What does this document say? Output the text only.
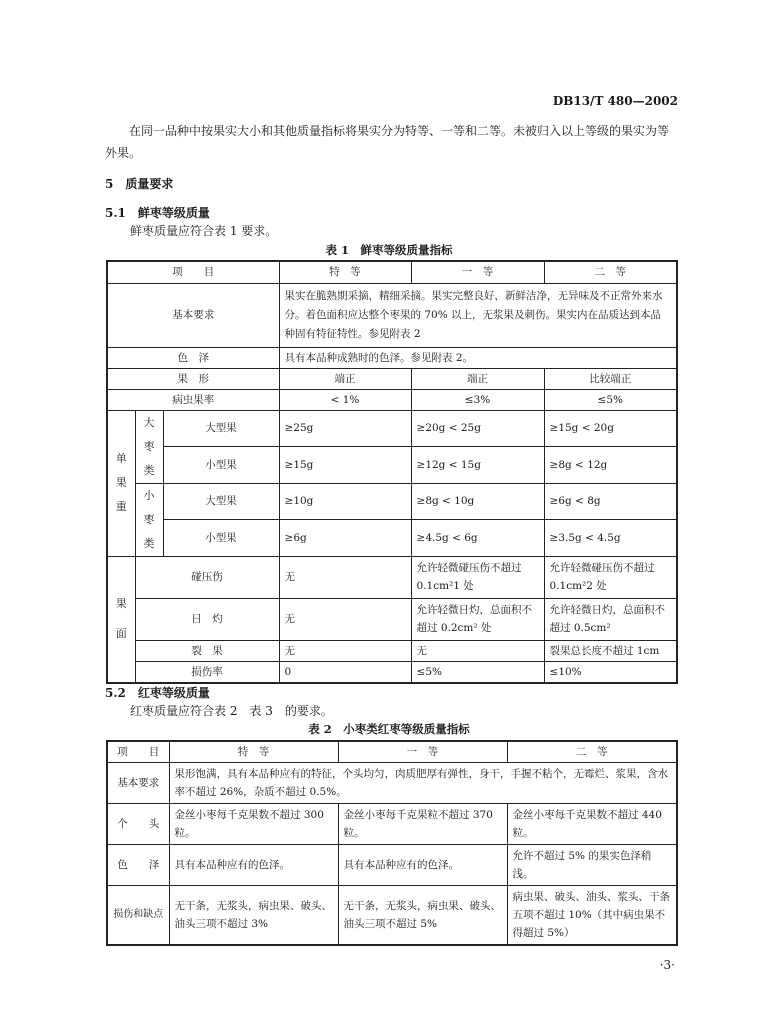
DB13/T 480—2002
在同一品种中按果实大小和其他质量指标将果实分为特等、一等和二等。未被归入以上等级的果实为等外果。
5　质量要求
5.1　鲜枣等级质量
鲜枣质量应符合表 1 要求。
表 1　鲜枣等级质量指标
项　　目			特　等	一　等	二　等
基本要求			果实在脆熟期采摘，精细采摘。果实完整良好，新鲜洁净，无异味及不正常外来水分。着色面积应达整个枣果的 70% 以上，无浆果及刺伤。果实内在品质达到本品种固有特征特性。参见附表 2		
色　泽			具有本品种成熟时的色泽。参见附表 2。		
果　形			端正	端正	比较端正
病虫果率			< 1%	≤3%	≤5%

单果重	大枣类	大型果	≥25g	≥20g < 25g	≥15g < 20g
		小型果	≥15g	≥12g < 15g	≥8g < 12g

	小枣类	大型果	≥10g	≥8g < 10g	≥6g < 8g
		小型果	≥6g	≥4.5g < 6g	≥3.5g < 4.5g

果面	碰压伤		无	允许轻微碰压伤不超过 0.1cm²1 处	允许轻微碰压伤不超过 0.1cm²2 处
	日　灼		无	允许轻微日灼，总面积不超过 0.2cm² 处	允许轻微日灼，总面积不超过 0.5cm²
	裂　果		无	无	裂果总长度不超过 1cm
	损伤率		0	≤5%	≤10%
5.2　红枣等级质量
红枣质量应符合表 2　表 3　的要求。
表 2　小枣类红枣等级质量指标
项　　目	特　等	一　等	二　等
基本要求	果形饱满，具有本品种应有的特征，个头均匀，肉质肥厚有弹性，身干，手握不粘个，无霉烂、浆果，含水率不超过 26%，杂质不超过 0.5%。		
个　　头	金丝小枣每千克果数不超过 300 粒。	金丝小枣每千克果粒不超过 370 粒。	金丝小枣每千克果数不超过 440 粒。
色　　泽	具有本品种应有的色泽。	具有本品种应有的色泽。	允许不超过 5% 的果实色泽稍浅。
损伤和缺点	无干条，无浆头，病虫果、破头、油头三项不超过 3%	无干条，无浆头，病虫果、破头、油头三项不超过 5%	病虫果、破头、油头、浆头、干条五项不超过 10%（其中病虫果不得超过 5%）
·3·
